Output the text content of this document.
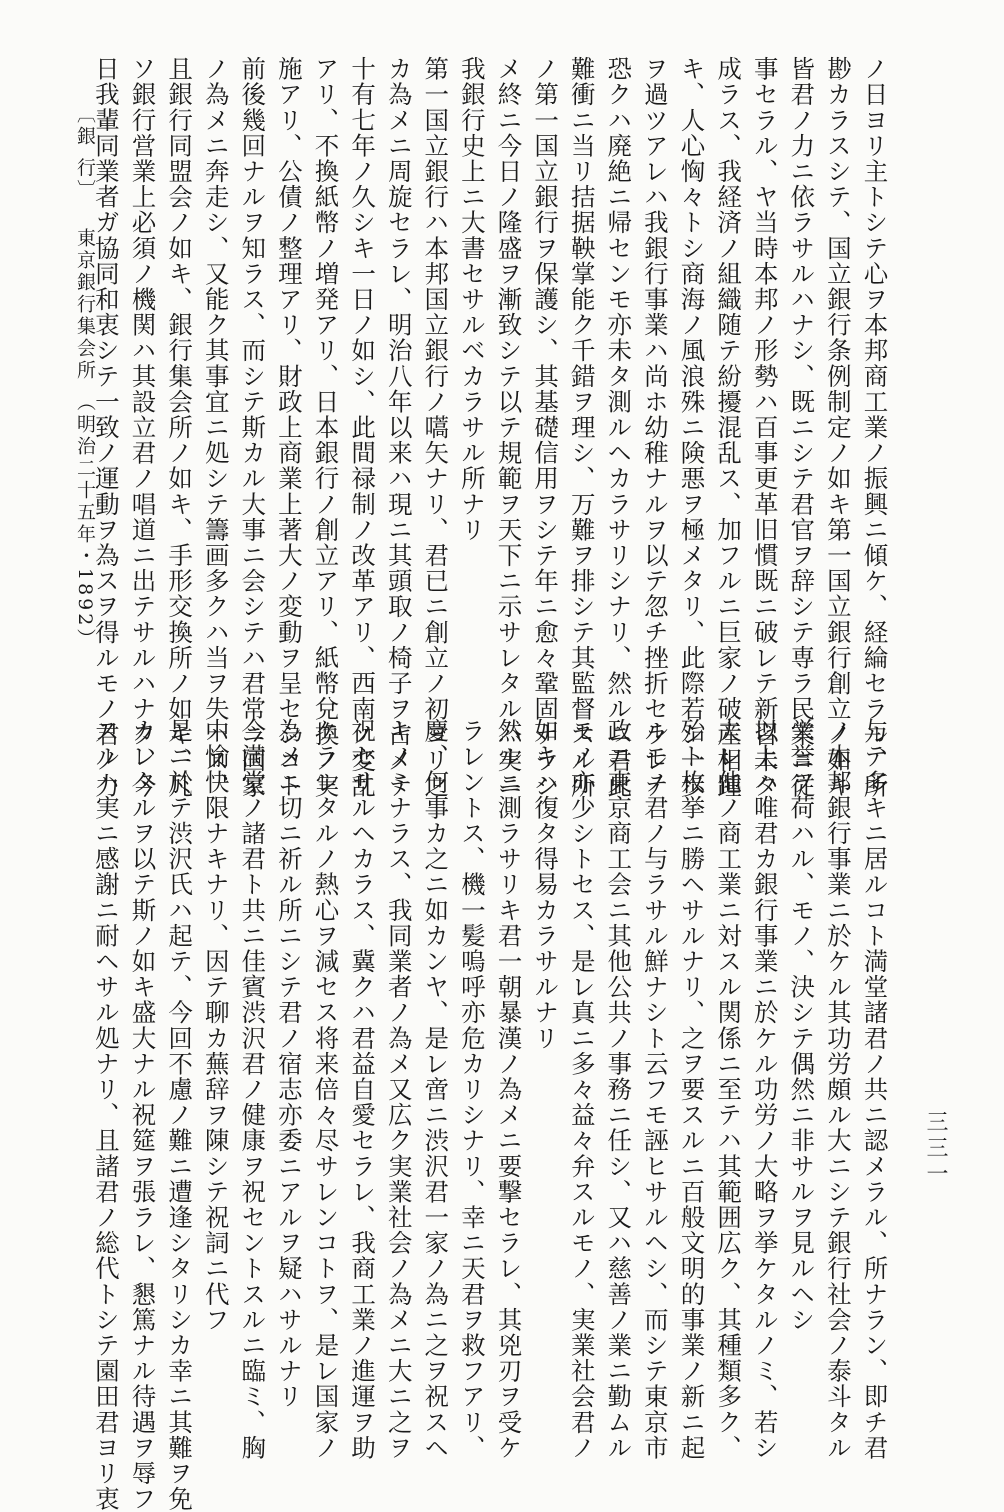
ノ日ヨリ主トシテ心ヲ本邦商工業ノ振興ニ傾ケ、経綸セラル、所
尠カラスシテ、国立銀行条例制定ノ如キ第一国立銀行創立ノ如キ
皆君ノ力ニ依ラサルハナシ、既ニシテ君官ヲ辞シテ専ラ民業ニ従
事セラル、ヤ当時本邦ノ形勢ハ百事更革旧慣既ニ破レテ新習未タ
成ラス、我経済ノ組織随テ紛擾混乱ス、加フルニ巨家ノ破産相踵
キ、人心恟々トシ商海ノ風浪殊ニ険悪ヲ極メタリ、此際若シ一歩
ヲ過ツアレハ我銀行事業ハ尚ホ幼稚ナルヲ以テ忽チ挫折セラレテ
恐クハ廃絶ニ帰センモ亦未タ測ルヘカラサリシナリ、然ルニ君此
難衝ニ当リ拮据鞅掌能ク千錯ヲ理シ、万難ヲ排シテ其監督スル所
ノ第一国立銀行ヲ保護シ、其基礎信用ヲシテ年ニ愈々鞏固ナラシ
メ終ニ今日ノ隆盛ヲ漸致シテ以テ規範ヲ天下ニ示サレタルハ実ニ
我銀行史上ニ大書セサルベカラサル所ナリ
第一国立銀行ハ本邦国立銀行ノ嚆矢ナリ、君已ニ創立ノ初ヨリ之
カ為メニ周旋セラレ、明治八年以来ハ現ニ其頭取ノ椅子ヲ占メテ
十有七年ノ久シキ一日ノ如シ、此間禄制ノ改革アリ、西南ノ変乱
アリ、不換紙幣ノ増発アリ、日本銀行ノ創立アリ、紙幣兌換ノ実
施アリ、公債ノ整理アリ、財政上商業上著大ノ変動ヲ呈セシコト
前後幾回ナルヲ知ラス、而シテ斯カル大事ニ会シテハ君常ニ国家
ノ為メニ奔走シ、又能ク其事宜ニ処シテ籌画多クハ当ヲ失ハス、
且銀行同盟会ノ如キ、銀行集会所ノ如キ、手形交換所ノ如キ、凡
ソ銀行営業上必須ノ機関ハ其設立君ノ唱道ニ出テサルハナク、今
日我輩同業者ガ協同和衷シテ一致ノ運動ヲ為スヲ得ルモノ君ノ力
与テ多キニ居ルコト満堂諸君ノ共ニ認メラル、所ナラン、即チ君
ノ本邦銀行事業ニ於ケル其功労頗ル大ニシテ銀行社会ノ泰斗タル
栄誉ヲ荷ハル、モノ、決シテ偶然ニ非サルヲ見ルヘシ
以上ハ唯君カ銀行事業ニ於ケル功労ノ大略ヲ挙ケタルノミ、若シ
夫レ他ノ商工業ニ対スル関係ニ至テハ其範囲広ク、其種類多ク、
殆ト枚挙ニ勝ヘサルナリ、之ヲ要スルニ百般文明的事業ノ新ニ起
ルモノ君ノ与ラサル鮮ナシト云フモ誣ヒサルヘシ、而シテ東京市
政ニ東京商工会ニ其他公共ノ事務ニ任シ、又ハ慈善ノ業ニ勤ムル
モノ亦少シトセス、是レ真ニ多々益々弁スルモノ、実業社会君ノ
如キハ復タ得易カラサルナリ
然ルニ測ラサリキ君一朝暴漢ノ為メニ要撃セラレ、其兇刃ヲ受ケ
ラレントス、機一髪嗚呼亦危カリシナリ、幸ニ天君ヲ救フアリ、
慶、何事カ之ニ如カンヤ、是レ啻ニ渋沢君一家ノ為ニ之ヲ祝スヘ
キノミナラス、我同業者ノ為メ又広ク実業社会ノ為メニ大ニ之ヲ
祝セサルヘカラス、冀クハ君益自愛セラレ、我商工業ノ進運ヲ助
ケラレタルノ熱心ヲ減セス将来倍々尽サレンコトヲ、是レ国家ノ
為メニ切ニ祈ル所ニシテ君ノ宿志亦委ニアルヲ疑ハサルナリ
今満堂ノ諸君ト共ニ佳賓渋沢君ノ健康ヲ祝セントスルニ臨ミ、胸
中愉快限ナキナリ、因テ聊カ蕪辞ヲ陳シテ祝詞ニ代フ
是ニ於テ渋沢氏ハ起テ、今回不慮ノ難ニ遭逢シタリシカ幸ニ其難ヲ免
カレタルヲ以テ斯ノ如キ盛大ナル祝筵ヲ張ラレ、懇篤ナル待遇ヲ辱フ
スルハ実ニ感謝ニ耐ヘサル処ナリ、且諸君ノ総代トシテ園田君ヨリ衷
〔銀 行〕
東京銀行集会所
（明治二十五年・1892）
三三一
